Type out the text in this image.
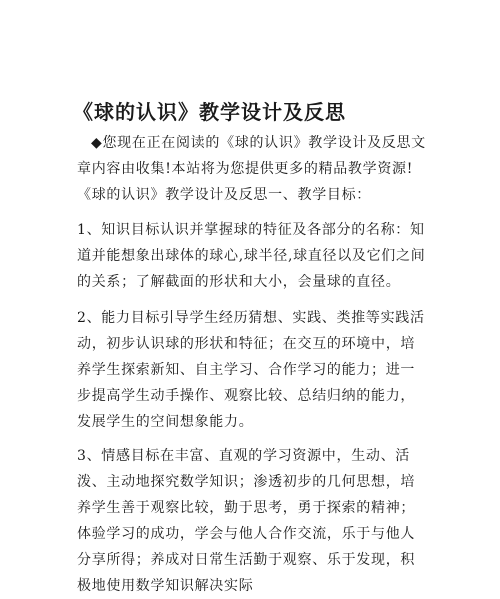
《球的认识》教学设计及反思

◆您现在正在阅读的《球的认识》教学设计及反思文章内容由收集!本站将为您提供更多的精品教学资源!《球的认识》教学设计及反思一、教学目标：

1、知识目标认识并掌握球的特征及各部分的名称：知道并能想象出球体的球心,球半径,球直径以及它们之间的关系；了解截面的形状和大小，会量球的直径。

2、能力目标引导学生经历猜想、实践、类推等实践活动，初步认识球的形状和特征；在交互的环境中，培养学生探索新知、自主学习、合作学习的能力；进一步提高学生动手操作、观察比较、总结归纳的能力，发展学生的空间想象能力。

3、情感目标在丰富、直观的学习资源中，生动、活泼、主动地探究数学知识；渗透初步的几何思想，培养学生善于观察比较，勤于思考，勇于探索的精神；体验学习的成功，学会与他人合作交流，乐于与他人分享所得；养成对日常生活勤于观察、乐于发现，积极地使用数学知识解决实际
